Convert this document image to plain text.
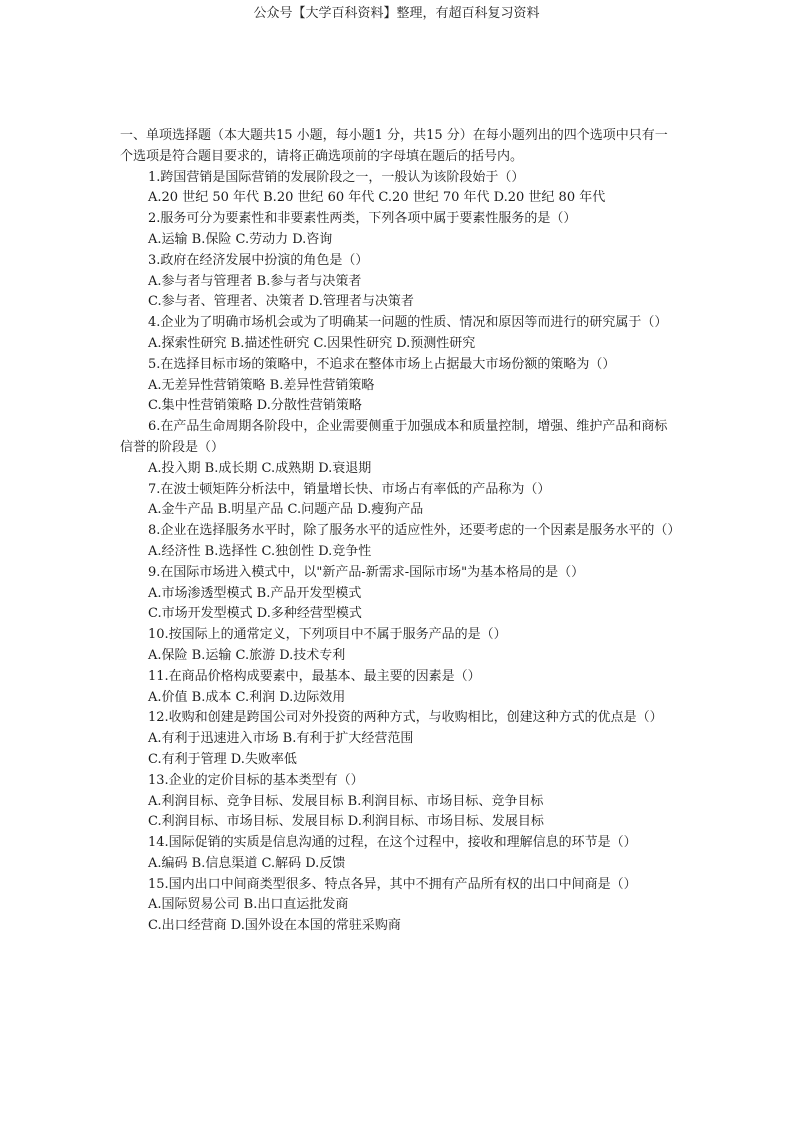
公众号【大学百科资料】整理，有超百科复习资料

一、单项选择题（本大题共15 小题，每小题1 分，共15 分）在每小题列出的四个选项中只有一个选项是符合题目要求的，请将正确选项前的字母填在题后的括号内。

1.跨国营销是国际营销的发展阶段之一，一般认为该阶段始于（）

A.20 世纪 50 年代 B.20 世纪 60 年代 C.20 世纪 70 年代 D.20 世纪 80 年代

2.服务可分为要素性和非要素性两类，下列各项中属于要素性服务的是（）

A.运输 B.保险 C.劳动力 D.咨询

3.政府在经济发展中扮演的角色是（）

A.参与者与管理者 B.参与者与决策者

C.参与者、管理者、决策者 D.管理者与决策者

4.企业为了明确市场机会或为了明确某一问题的性质、情况和原因等而进行的研究属于（）

A.探索性研究 B.描述性研究 C.因果性研究 D.预测性研究

5.在选择目标市场的策略中，不追求在整体市场上占据最大市场份额的策略为（）

A.无差异性营销策略 B.差异性营销策略

C.集中性营销策略 D.分散性营销策略

6.在产品生命周期各阶段中，企业需要侧重于加强成本和质量控制，增强、维护产品和商标信誉的阶段是（）

A.投入期 B.成长期 C.成熟期 D.衰退期

7.在波士顿矩阵分析法中，销量增长快、市场占有率低的产品称为（）

A.金牛产品 B.明星产品 C.问题产品 D.瘦狗产品

8.企业在选择服务水平时，除了服务水平的适应性外，还要考虑的一个因素是服务水平的（）

A.经济性 B.选择性 C.独创性 D.竞争性

9.在国际市场进入模式中，以"新产品-新需求-国际市场"为基本格局的是（）

A.市场渗透型模式 B.产品开发型模式

C.市场开发型模式 D.多种经营型模式

10.按国际上的通常定义，下列项目中不属于服务产品的是（）

A.保险 B.运输 C.旅游 D.技术专利

11.在商品价格构成要素中，最基本、最主要的因素是（）

A.价值 B.成本 C.利润 D.边际效用

12.收购和创建是跨国公司对外投资的两种方式，与收购相比，创建这种方式的优点是（）

A.有利于迅速进入市场 B.有利于扩大经营范围

C.有利于管理 D.失败率低

13.企业的定价目标的基本类型有（）

A.利润目标、竞争目标、发展目标 B.利润目标、市场目标、竞争目标

C.利润目标、市场目标、发展目标 D.利润目标、市场目标、发展目标

14.国际促销的实质是信息沟通的过程，在这个过程中，接收和理解信息的环节是（）

A.编码 B.信息渠道 C.解码 D.反馈

15.国内出口中间商类型很多、特点各异，其中不拥有产品所有权的出口中间商是（）

A.国际贸易公司 B.出口直运批发商

C.出口经营商 D.国外设在本国的常驻采购商
